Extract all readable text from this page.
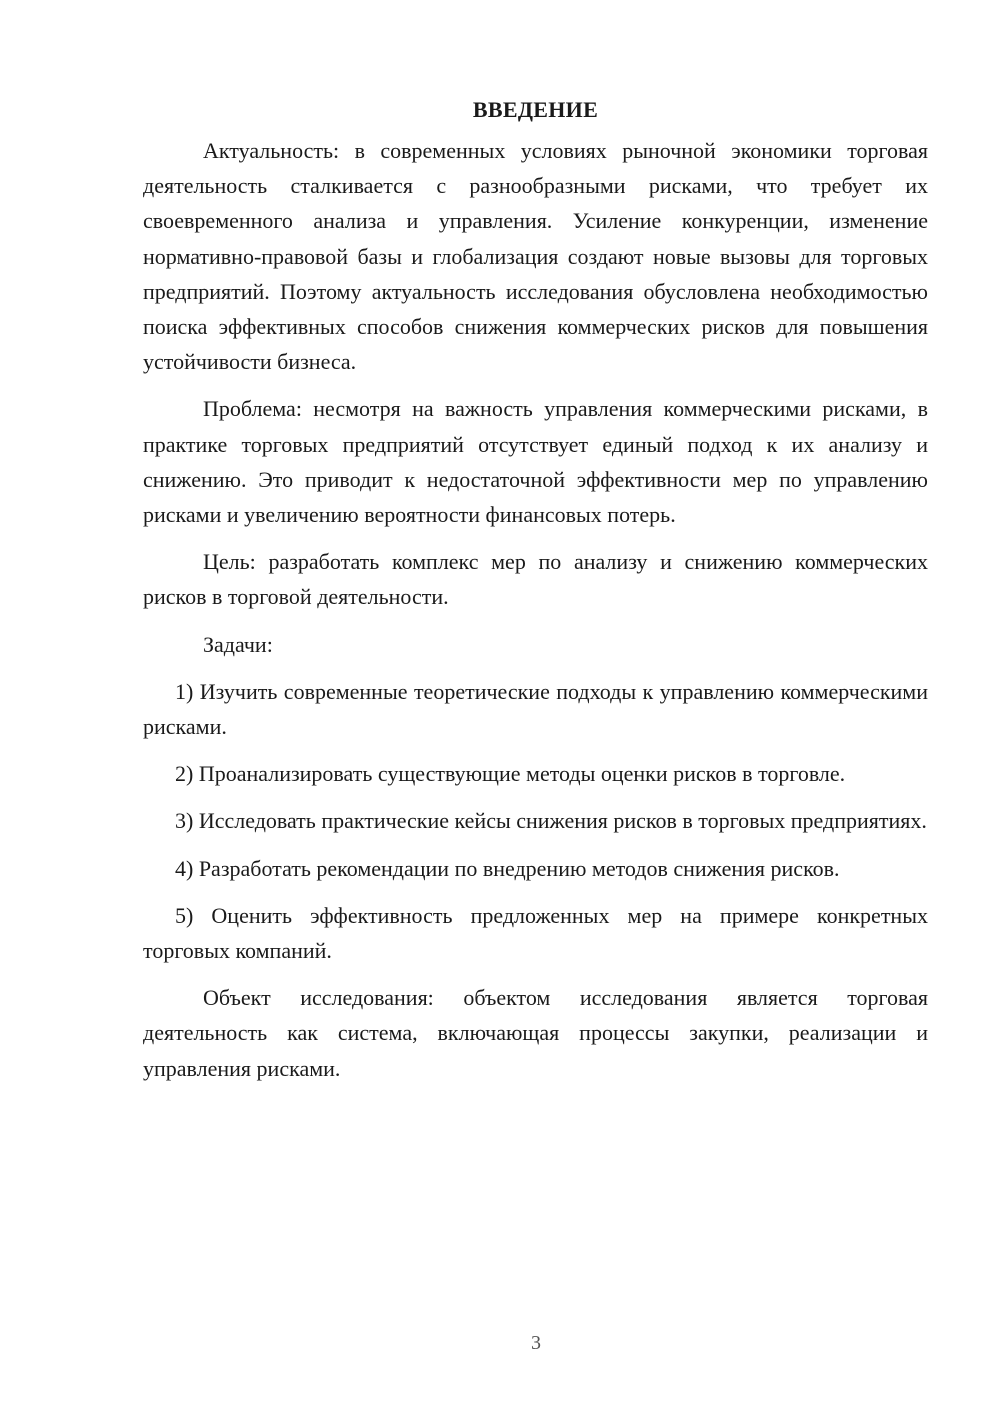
ВВЕДЕНИЕ

Актуальность: в современных условиях рыночной экономики торговая деятельность сталкивается с разнообразными рисками, что требует их своевременного анализа и управления. Усиление конкуренции, изменение нормативно-правовой базы и глобализация создают новые вызовы для торговых предприятий. Поэтому актуальность исследования обусловлена необходимостью поиска эффективных способов снижения коммерческих рисков для повышения устойчивости бизнеса.

Проблема: несмотря на важность управления коммерческими рисками, в практике торговых предприятий отсутствует единый подход к их анализу и снижению. Это приводит к недостаточной эффективности мер по управлению рисками и увеличению вероятности финансовых потерь.

Цель: разработать комплекс мер по анализу и снижению коммерческих рисков в торговой деятельности.

Задачи:

1) Изучить современные теоретические подходы к управлению коммерческими рисками.

2) Проанализировать существующие методы оценки рисков в торговле.

3) Исследовать практические кейсы снижения рисков в торговых предприятиях.

4) Разработать рекомендации по внедрению методов снижения рисков.

5) Оценить эффективность предложенных мер на примере конкретных торговых компаний.

Объект исследования: объектом исследования является торговая деятельность как система, включающая процессы закупки, реализации и управления рисками.

3
